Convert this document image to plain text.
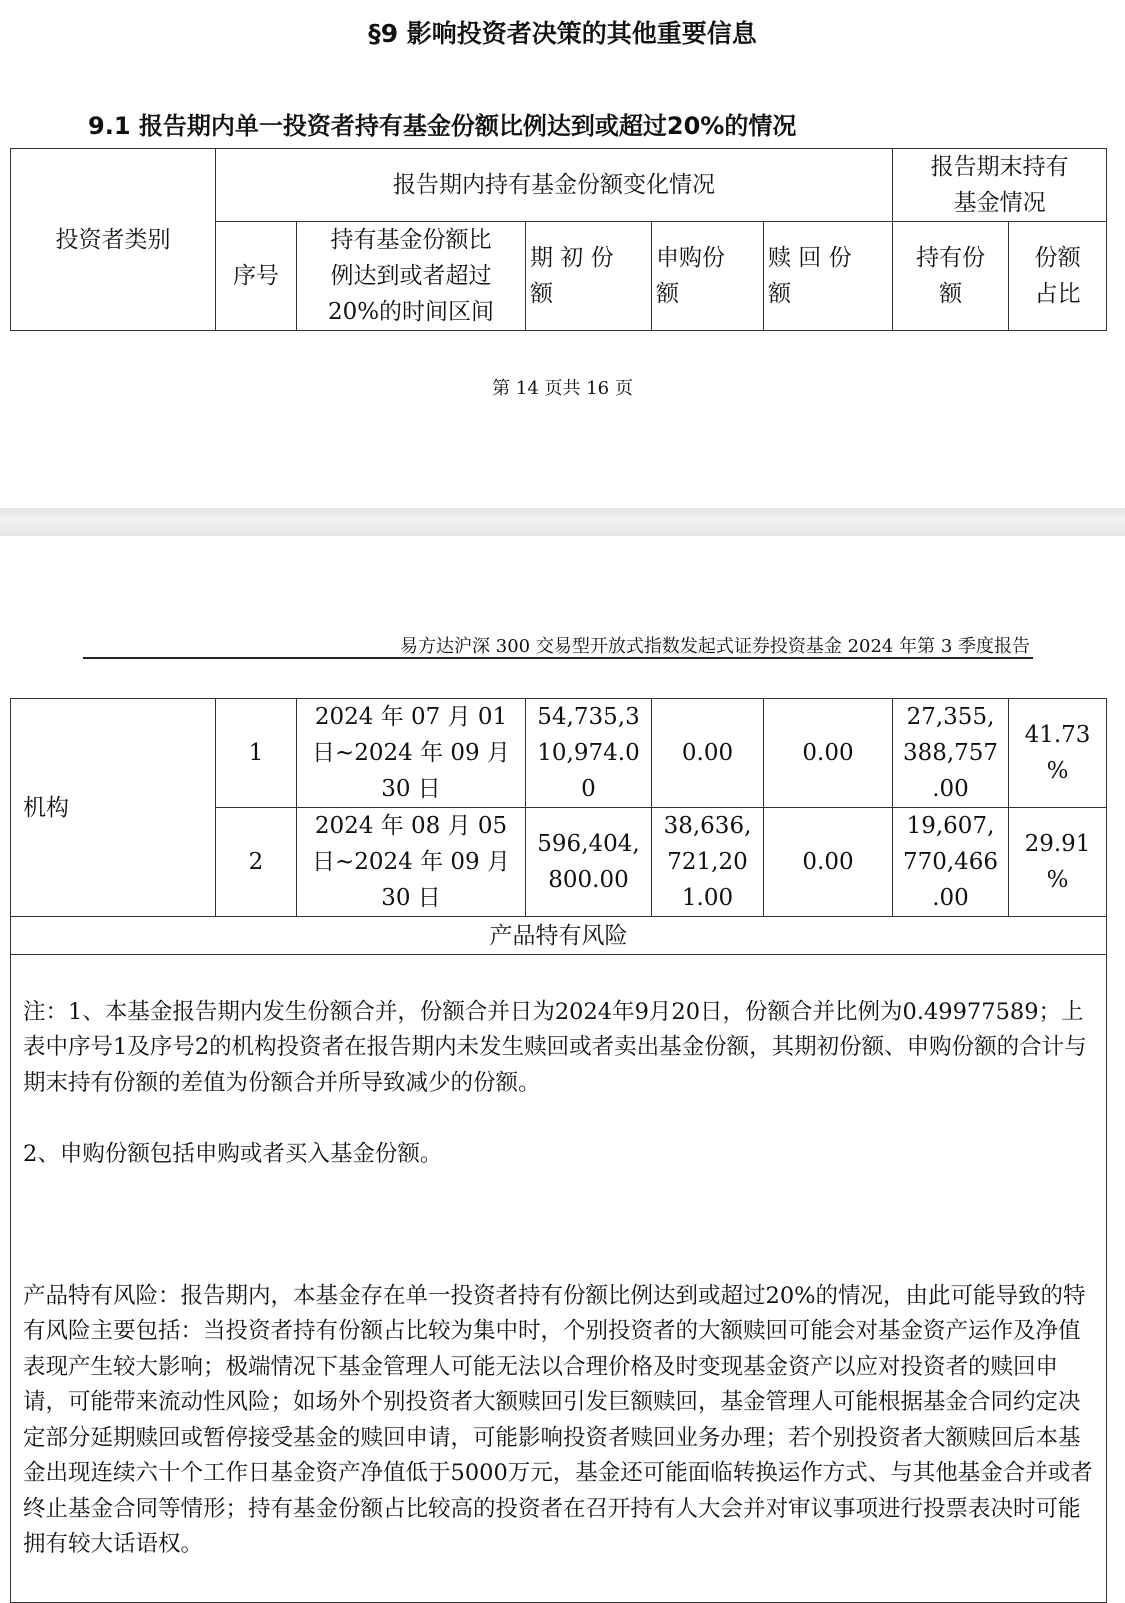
§9 影响投资者决策的其他重要信息
9.1 报告期内单一投资者持有基金份额比例达到或超过20%的情况
投资者类别	报告期内持有基金份额变化情况					报告期末持有
基金情况	
	序号	持有基金份额比
例达到或者超过
20%的时间区间	期 初 份
额	申购份
额	赎 回 份
额	持有份
额	份额
占比
第 14 页共 16 页
易方达沪深 300 交易型开放式指数发起式证券投资基金 2024 年第 3 季度报告
机构	1	2024 年 07 月 01
日~2024 年 09 月
30 日	54,735,3
10,974.0
0	0.00	0.00	27,355,
388,757
.00	41.73
%
	2	2024 年 08 月 05
日~2024 年 09 月
30 日	596,404,
800.00	38,636,
721,20
1.00	0.00	19,607,
770,466
.00	29.91
%
产品特有风险							

注：1、本基金报告期内发生份额合并，份额合并日为2024年9月20日，份额合并比例为0.49977589；上表中序号1及序号2的机构投资者在报告期内未发生赎回或者卖出基金份额，其期初份额、申购份额的合计与期末持有份额的差值为份额合并所导致减少的份额。

2、申购份额包括申购或者买入基金份额。

产品特有风险：报告期内，本基金存在单一投资者持有份额比例达到或超过20%的情况，由此可能导致的特有风险主要包括：当投资者持有份额占比较为集中时，个别投资者的大额赎回可能会对基金资产运作及净值表现产生较大影响；极端情况下基金管理人可能无法以合理价格及时变现基金资产以应对投资者的赎回申请，可能带来流动性风险；如场外个别投资者大额赎回引发巨额赎回，基金管理人可能根据基金合同约定决定部分延期赎回或暂停接受基金的赎回申请，可能影响投资者赎回业务办理；若个别投资者大额赎回后本基金出现连续六十个工作日基金资产净值低于5000万元，基金还可能面临转换运作方式、与其他基金合并或者终止基金合同等情形；持有基金份额占比较高的投资者在召开持有人大会并对审议事项进行投票表决时可能拥有较大话语权。							
